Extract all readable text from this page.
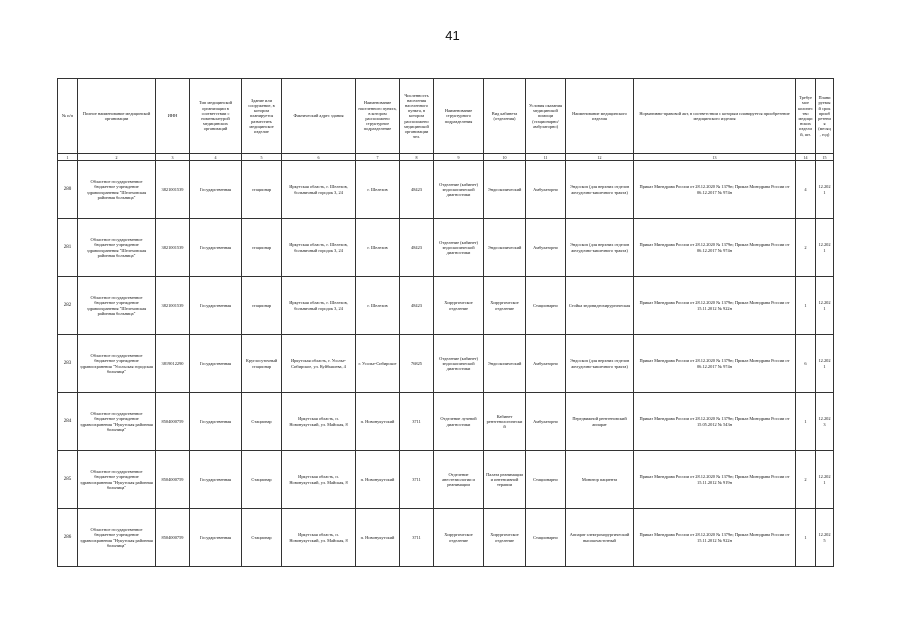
41
№ п/п	Полное наименование медицинской организации	ИНН	Тип медицинской организации в соответствии с номенклатурой медицинских организаций	Здание или сооружение, в котором планируется разместить медицинское изделие	Фактический адрес здания	Наименование населенного пункта, в котором расположено структурное подразделение	Численность населения населенного пункта, в котором расположено медицинской организации чел.	Наименование структурного подразделения	Вид кабинета (отделения)	Условия оказания медицинской помощи (стационарно/ амбулаторно)	Наименование медицинского изделия	Нормативно-правовой акт, в соответствии с которым планируется приобретение медицинского изделия	Требуемое количество медицинских изделий, шт.	Планируемый срок приобретения (месяц, год)
1	2	3	4	5	6	7	8	9	10	11	12	13	14	15
280	Областное государственное бюджетное учреждение здравоохранения "Шелеховская районная больница"	3821001539	Государственная	стационар	Иркутская область, г. Шелехов, больничный городок 3, 24	г. Шелехов	48423	Отделение (кабинет) эндоскопической диагностики	Эндоскопический	Амбулаторно	Эндоскоп (для верхних отделов желудочно-кишечного тракта)	Приказ Минздрава России от 28.12.2020 № 1379н; Приказ Минздрава России от 06.12.2017 № 974н	4	12.2021
281	Областное государственное бюджетное учреждение здравоохранения "Шелеховская районная больница"	3821001539	Государственная	стационар	Иркутская область, г. Шелехов, больничный городок 3, 24	г. Шелехов	48423	Отделение (кабинет) эндоскопической диагностики	Эндоскопический	Амбулаторно	Эндоскоп (для верхних отделов желудочно-кишечного тракта)	Приказ Минздрава России от 28.12.2020 № 1379н; Приказ Минздрава России от 06.12.2017 № 974н	2	12.2021
282	Областное государственное бюджетное учреждение здравоохранения "Шелеховская районная больница"	3821001539	Государственная	стационар	Иркутская область, г. Шелехов, больничный городок 3, 24	г. Шелехов	48423	Хирургическое отделение	Хирургическое отделение	Стационарно	Стойка эндовидеохирургическая	Приказ Минздрава России от 28.12.2020 № 1379н; Приказ Минздрава России от 15.11.2012 № 922н	1	12.2021
283	Областное государственное бюджетное учреждение здравоохранения "Усольская городская больница"	3819012290	Государственная	Круглосуточный стационар	Иркутская область, г. Усолье-Сибирское, ул. Куйбышева, 4	г. Усолье-Сибирское	76825	Отделение (кабинет) эндоскопической диагностики	Эндоскопический	Амбулаторно	Эндоскоп (для верхних отделов желудочно-кишечного тракта)	Приказ Минздрава России от 28.12.2020 № 1379н; Приказ Минздрава России от 06.12.2017 № 974н	6	12.2021
284	Областное государственное бюджетное учреждение здравоохранения "Нукутская районная больница"	8504000759	Государственная	Стационар	Иркутская область, п. Новонукутский, ул. Майская, 8	п. Новонукутский	3711	Отделение лучевой диагностики	Кабинет рентгенологический	Амбулаторно	Передвижной рентгеновский аппарат	Приказ Минздрава России от 28.12.2020 № 1379н; Приказ Минздрава России от 15.05.2012 № 543н	1	12.2023
285	Областное государственное бюджетное учреждение здравоохранения "Нукутская районная больница"	8504000759	Государственная	Стационар	Иркутская область, п. Новонукутский, ул. Майская, 8	п. Новонукутский	3711	Отделение анестезиологии и реанимации	Палата реанимации и интенсивной терапии	Стационарно	Монитор пациента	Приказ Минздрава России от 28.12.2020 № 1379н; Приказ Минздрава России от 15.11.2012 № 919н	2	12.2021
286	Областное государственное бюджетное учреждение здравоохранения "Нукутская районная больница"	8504000759	Государственная	Стационар	Иркутская область, п. Новонукутский, ул. Майская, 8	п. Новонукутский	3711	Хирургическое отделение	Хирургическое отделение	Стационарно	Аппарат электрохирургический высокочастотный	Приказ Минздрава России от 28.12.2020 № 1379н; Приказ Минздрава России от 15.11.2012 № 922н	1	12.2025
